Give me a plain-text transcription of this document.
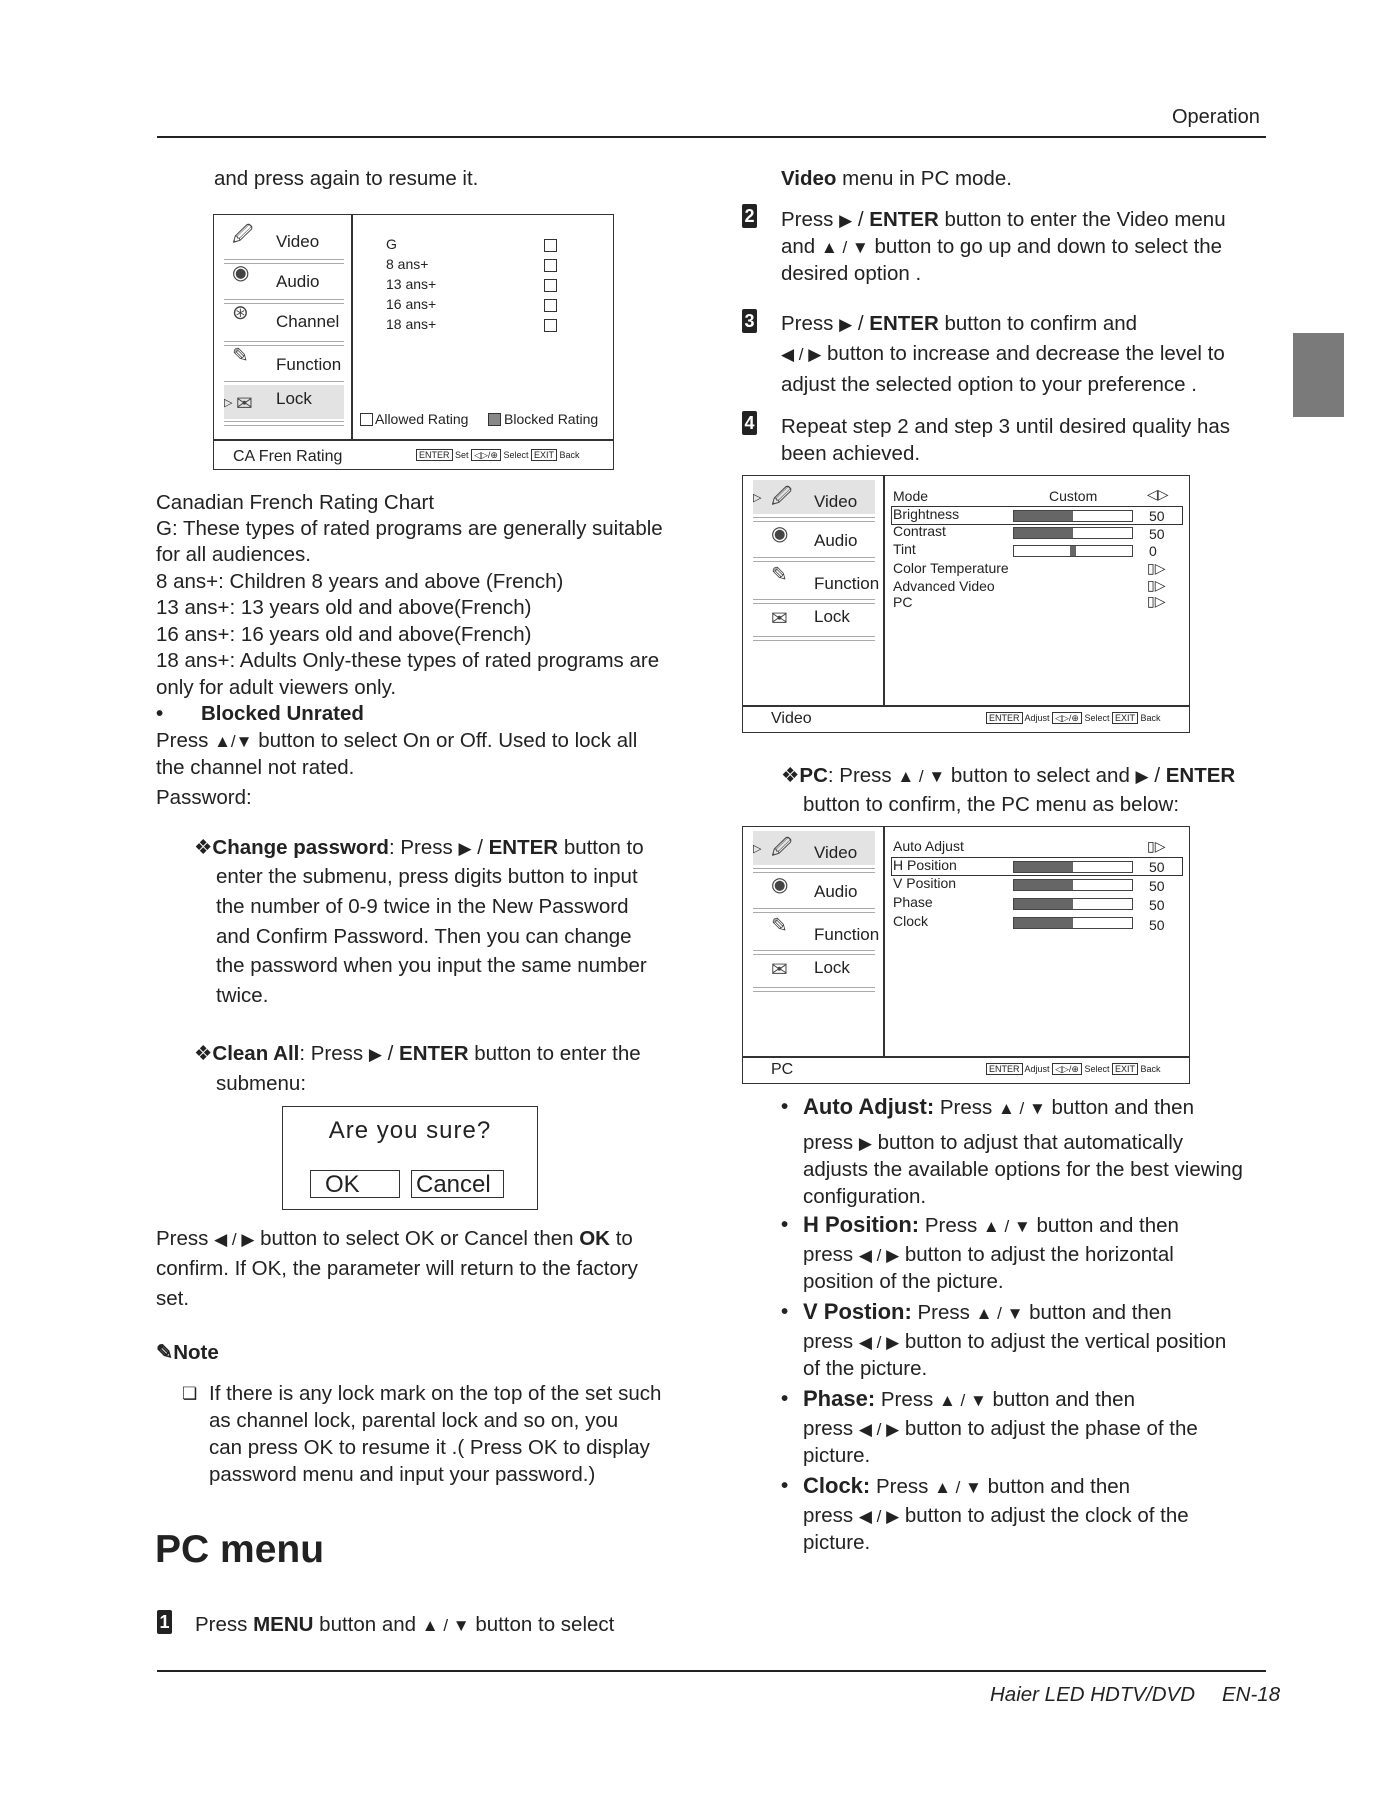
Operation
and press again to resume it.
🖉 Video
◉ Audio
⊛ Channel
✎ Function
▷ ✉ Lock
G
8 ans+
13 ans+
16 ans+
18 ans+
Allowed Rating	Blocked Rating
CA Fren Rating	ENTER Set ◁▷/⊕ Select EXIT Back
Canadian French Rating Chart
G: These types of rated programs are generally suitable
for all audiences.
8 ans+: Children 8 years and above (French)
13 ans+: 13 years old and above(French)
16 ans+: 16 years old and above(French)
18 ans+: Adults Only-these types of rated programs are
only for adult viewers only.
• Blocked Unrated
Press ▲/▼ button to select On or Off. Used to lock all
the channel not rated.
Password:
❖Change password: Press ▶ / ENTER button to
enter the submenu, press digits button to input
the number of 0-9 twice in the New Password
and Confirm Password. Then you can change
the password when you input the same number
twice.
❖Clean All: Press ▶ / ENTER button to enter the
submenu:
Are you sure?
OK	Cancel
Press ◀ / ▶ button to select OK or Cancel then OK to
confirm. If OK, the parameter will return to the factory
set.
✎Note
❏ If there is any lock mark on the top of the set such
as channel lock, parental lock and so on, you
can press OK to resume it .( Press OK to display
password menu and input your password.)
PC menu
1 Press MENU button and ▲ / ▼ button to select
Video menu in PC mode.
2 Press ▶ / ENTER button to enter the Video menu
and ▲ / ▼ button to go up and down to select the
desired option .
3 Press ▶ / ENTER button to confirm and
◀ / ▶ button to increase and decrease the level to
adjust the selected option to your preference .
4 Repeat step 2 and step 3 until desired quality has
been achieved.
▷ 🖉 Video
◉ Audio
✎ Function
✉ Lock
Mode	Custom	◁▷
Brightness	50
Contrast	50
Tint	0
Color Temperature	▯▷
Advanced Video	▯▷
PC	▯▷
Video	ENTER Adjust ◁▷/⊕ Select EXIT Back
❖PC: Press ▲ / ▼ button to select and ▶ / ENTER
button to confirm, the PC menu as below:
▷ 🖉 Video
◉ Audio
✎ Function
✉ Lock
Auto Adjust	▯▷
H Position	50
V Position	50
Phase	50
Clock	50
PC	ENTER Adjust ◁▷/⊕ Select EXIT Back
• Auto Adjust: Press ▲ / ▼ button and then
press ▶ button to adjust that automatically
adjusts the available options for the best viewing
configuration.
• H Position: Press ▲ / ▼ button and then
press ◀ / ▶ button to adjust the horizontal
position of the picture.
• V Postion: Press ▲ / ▼ button and then
press ◀ / ▶ button to adjust the vertical position
of the picture.
• Phase: Press ▲ / ▼ button and then
press ◀ / ▶ button to adjust the phase of the
picture.
• Clock: Press ▲ / ▼ button and then
press ◀ / ▶ button to adjust the clock of the
picture.
Haier LED HDTV/DVD EN-18
